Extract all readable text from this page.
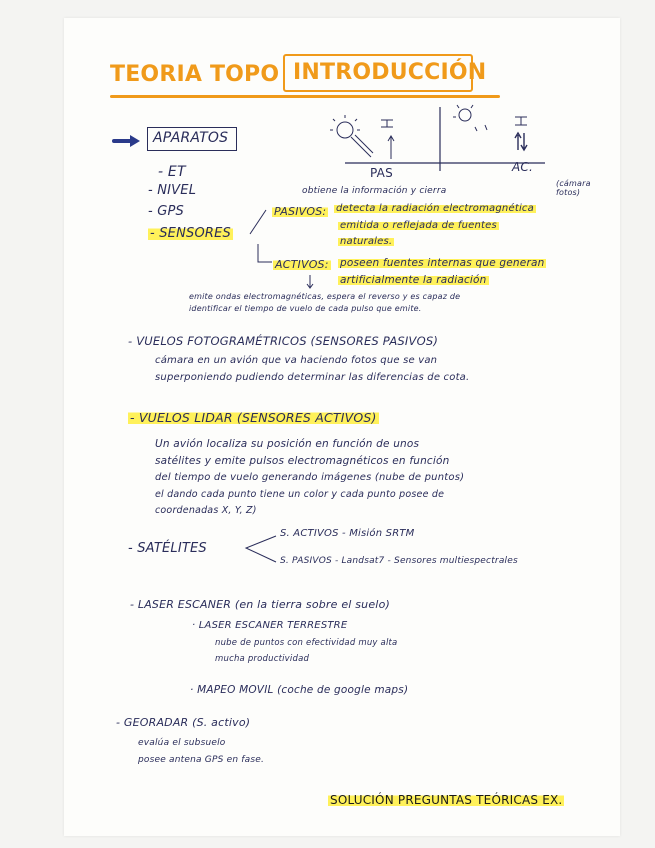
TEORIA TOPO INTRODUCCIÓN
APARATOS
PAS	AC.
- ET
- NIVEL
- GPS
- SENSORES
obtiene la información y cierra
(cámara fotos)
PASIVOS: detecta la radiación electromagnética
emitida o reflejada de fuentes
naturales.
ACTIVOS: poseen fuentes internas que generan
artificialmente la radiación
emite ondas electromagnéticas, espera el reverso y es capaz de
identificar el tiempo de vuelo de cada pulso que emite.
- VUELOS FOTOGRAMÉTRICOS (SENSORES PASIVOS)
cámara en un avión que va haciendo fotos que se van
superponiendo pudiendo determinar las diferencias de cota.
- VUELOS LIDAR (SENSORES ACTIVOS)
Un avión localiza su posición en función de unos
satélites y emite pulsos electromagnéticos en función
del tiempo de vuelo generando imágenes (nube de puntos)
el dando cada punto tiene un color y cada punto posee de
coordenadas X, Y, Z)
- SATÉLITES
S. ACTIVOS - Misión SRTM
S. PASIVOS - Landsat7 - Sensores multiespectrales
- LASER ESCANER (en la tierra sobre el suelo)
· LASER ESCANER TERRESTRE
nube de puntos con efectividad muy alta
mucha productividad
· MAPEO MOVIL (coche de google maps)
- GEORADAR (S. activo)
evalúa el subsuelo
posee antena GPS en fase.
SOLUCIÓN PREGUNTAS TEÓRICAS EX.
